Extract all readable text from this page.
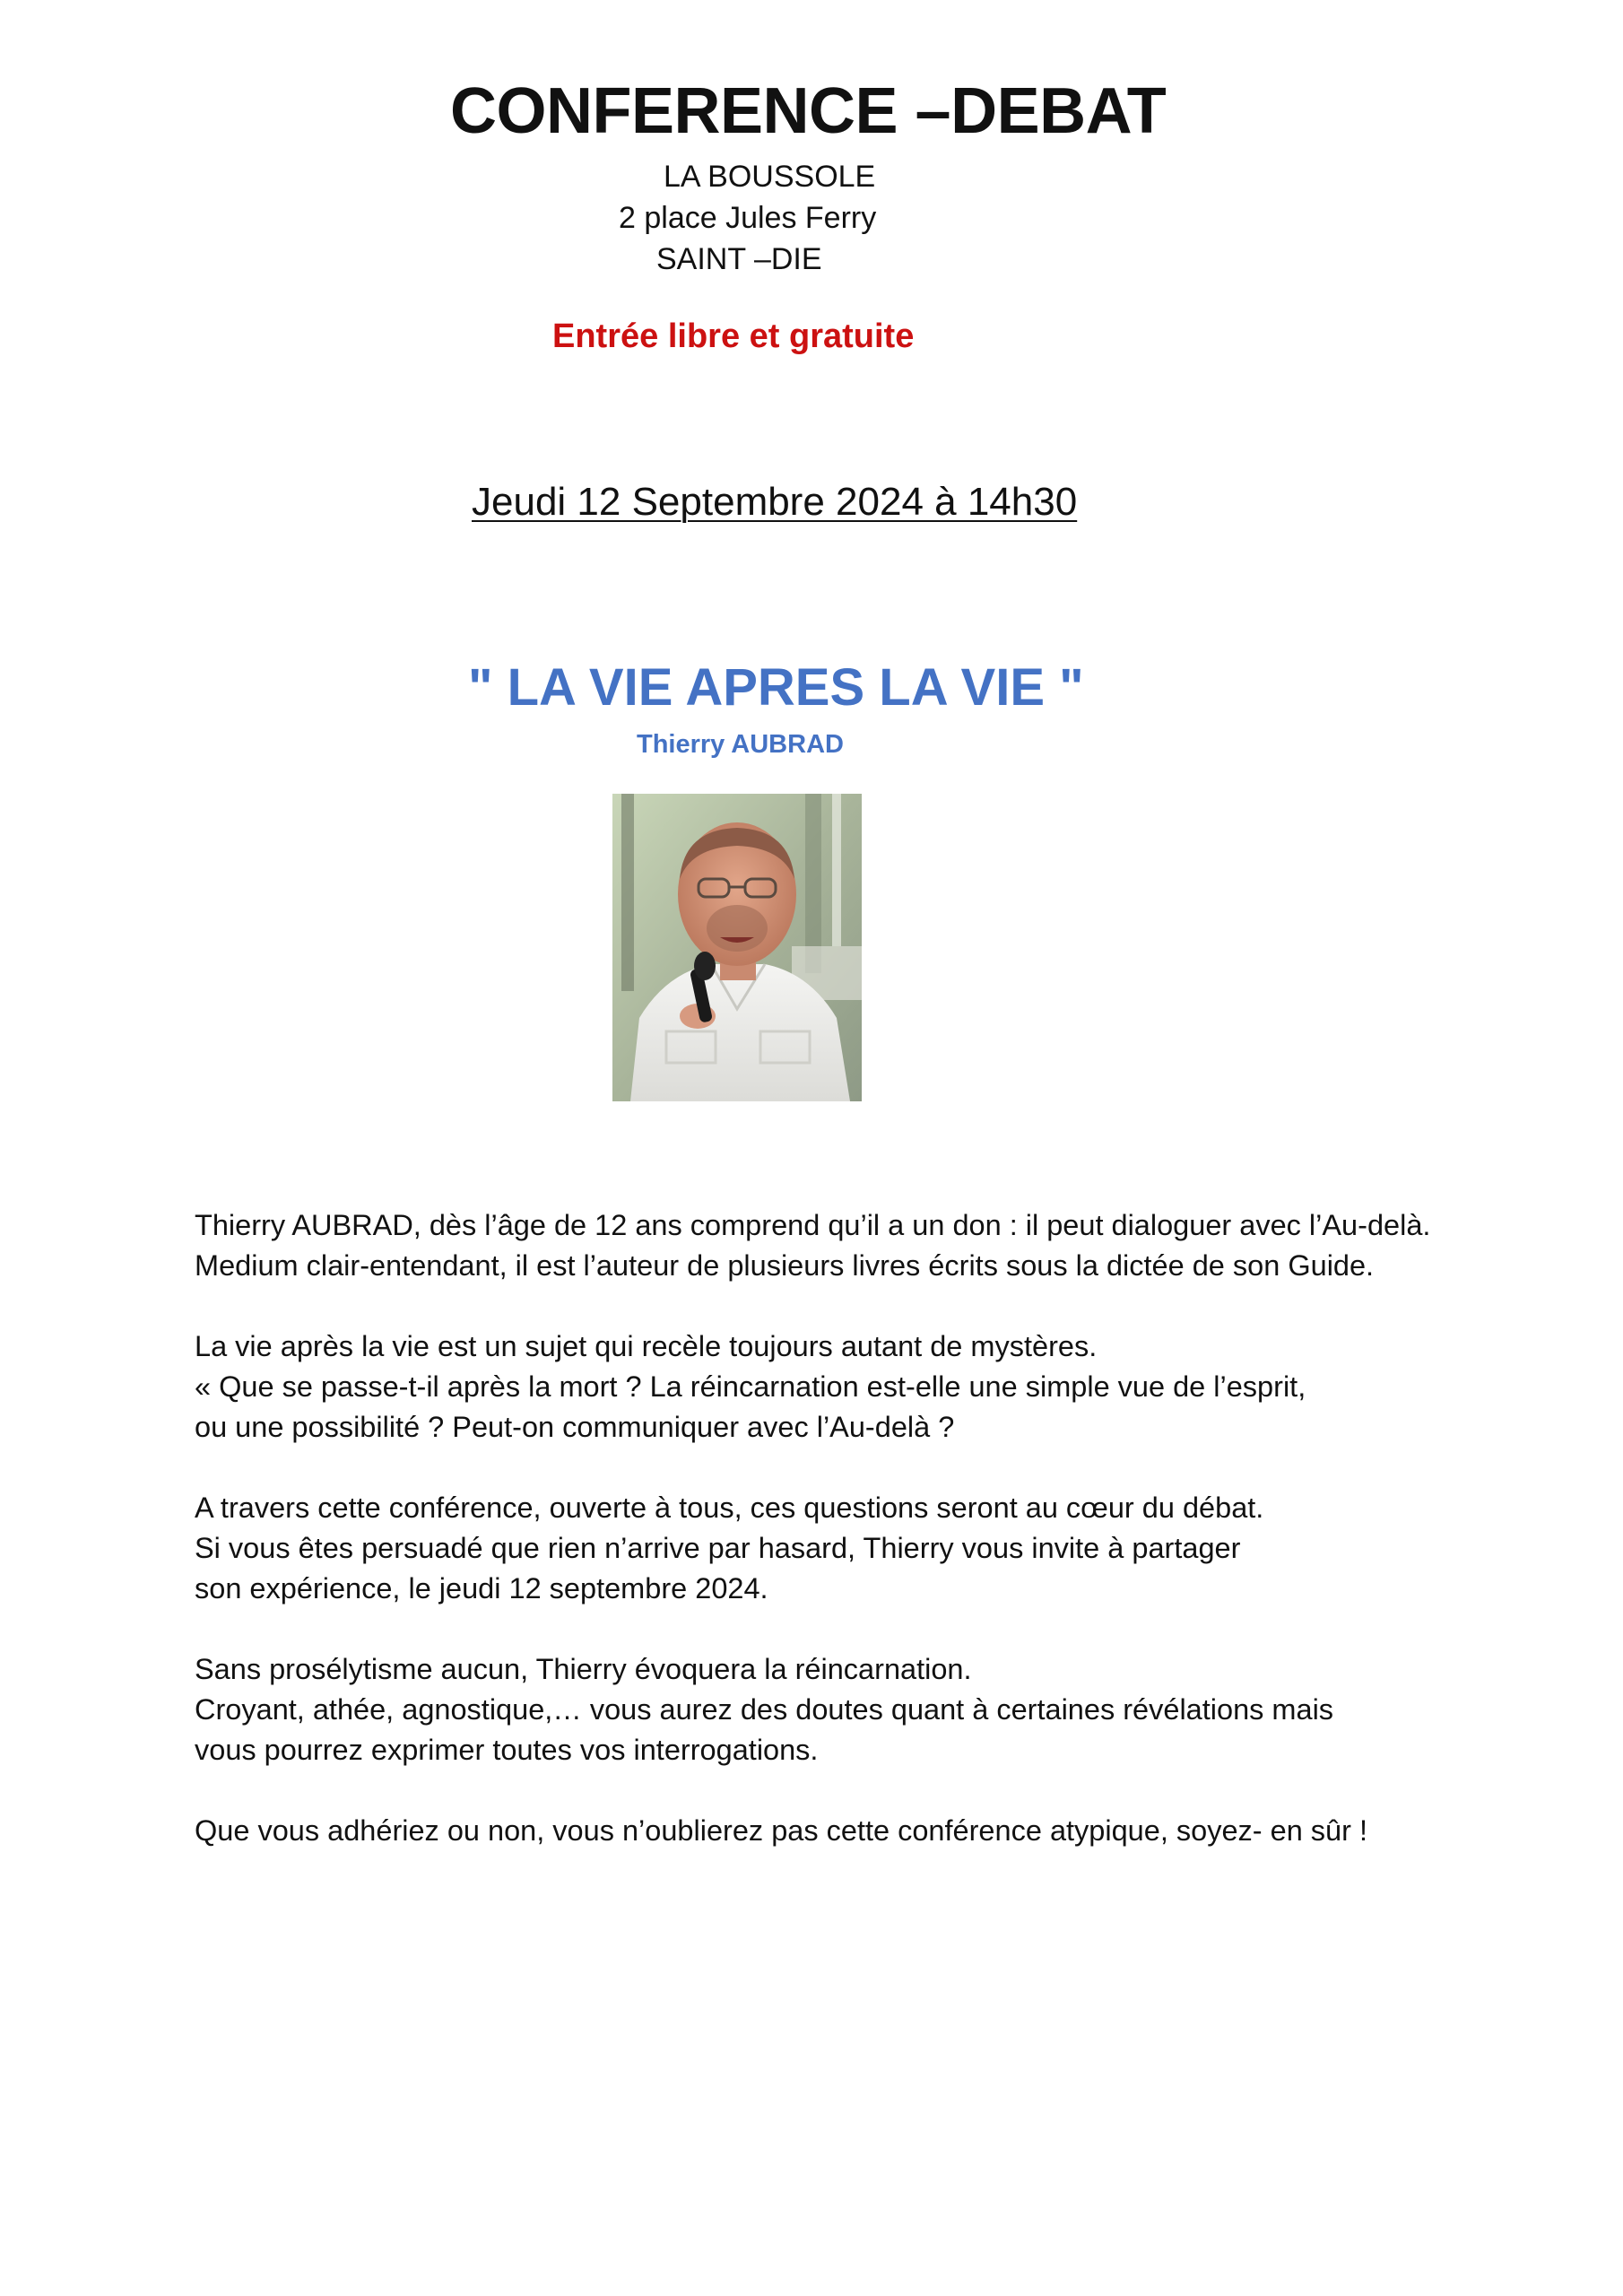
CONFERENCE –DEBAT
LA BOUSSOLE
2 place Jules Ferry
SAINT –DIE
Entrée libre et gratuite
Jeudi 12 Septembre 2024 à 14h30
" LA VIE APRES LA VIE "
Thierry AUBRAD
Thierry AUBRAD, dès l’âge de 12 ans comprend qu’il a un don : il peut dialoguer avec l’Au-delà.
Medium clair-entendant, il est l’auteur de plusieurs livres écrits sous la dictée de son Guide.
La vie après la vie est un sujet qui recèle toujours autant de mystères.
« Que se passe-t-il après la mort ? La réincarnation est-elle une simple vue de l’esprit,
ou une possibilité ? Peut-on communiquer avec l’Au-delà ?
A travers cette conférence, ouverte à tous, ces questions seront au cœur du débat.
Si vous êtes persuadé que rien n’arrive par hasard, Thierry vous invite à partager
son expérience, le jeudi 12 septembre 2024.
Sans prosélytisme aucun, Thierry évoquera la réincarnation.
Croyant, athée, agnostique,… vous aurez des doutes quant à certaines révélations mais
vous pourrez exprimer toutes vos interrogations.
Que vous adhériez ou non, vous n’oublierez pas cette conférence atypique, soyez- en sûr !
